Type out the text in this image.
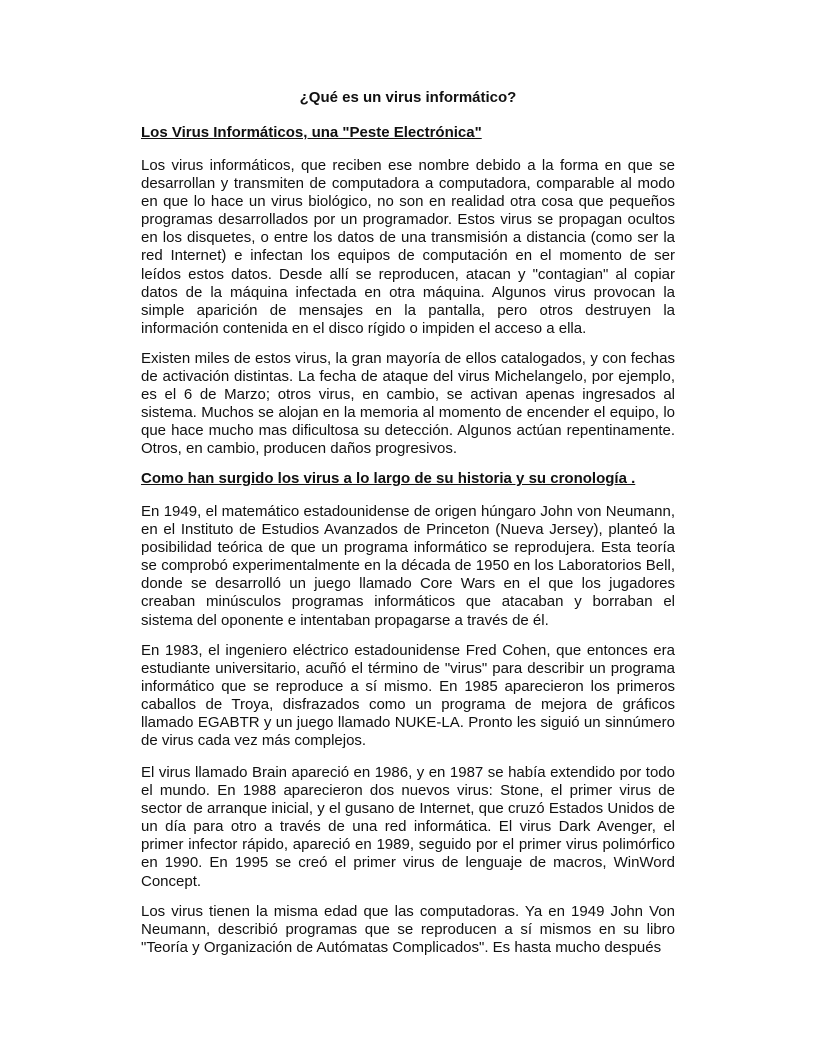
¿Qué es un virus informático?

Los Virus Informáticos, una "Peste Electrónica"

Los virus informáticos, que reciben ese nombre debido a la forma en que se desarrollan y transmiten de computadora a computadora, comparable al modo en que lo hace un virus biológico, no son en realidad otra cosa que pequeños programas desarrollados por un programador. Estos virus se propagan ocultos en los disquetes, o entre los datos de una transmisión a distancia (como ser la red Internet) e infectan los equipos de computación en el momento de ser leídos estos datos. Desde allí se reproducen, atacan y "contagian" al copiar datos de la máquina infectada en otra máquina. Algunos virus provocan la simple aparición de mensajes en la pantalla, pero otros destruyen la información contenida en el disco rígido o impiden el acceso a ella.

Existen miles de estos virus, la gran mayoría de ellos catalogados, y con fechas de activación distintas. La fecha de ataque del virus Michelangelo, por ejemplo, es el 6 de Marzo; otros virus, en cambio, se activan apenas ingresados al sistema. Muchos se alojan en la memoria al momento de encender el equipo, lo que hace mucho mas dificultosa su detección. Algunos actúan repentinamente. Otros, en cambio, producen daños progresivos.

Como han surgido los virus a lo largo de su historia y su cronología .

En 1949, el matemático estadounidense de origen húngaro John von Neumann, en el Instituto de Estudios Avanzados de Princeton (Nueva Jersey), planteó la posibilidad teórica de que un programa informático se reprodujera. Esta teoría se comprobó experimentalmente en la década de 1950 en los Laboratorios Bell, donde se desarrolló un juego llamado Core Wars en el que los jugadores creaban minúsculos programas informáticos que atacaban y borraban el sistema del oponente e intentaban propagarse a través de él.

En 1983, el ingeniero eléctrico estadounidense Fred Cohen, que entonces era estudiante universitario, acuñó el término de "virus" para describir un programa informático que se reproduce a sí mismo. En 1985 aparecieron los primeros caballos de Troya, disfrazados como un programa de mejora de gráficos llamado EGABTR y un juego llamado NUKE-LA. Pronto les siguió un sinnúmero de virus cada vez más complejos.

El virus llamado Brain apareció en 1986, y en 1987 se había extendido por todo el mundo. En 1988 aparecieron dos nuevos virus: Stone, el primer virus de sector de arranque inicial, y el gusano de Internet, que cruzó Estados Unidos de un día para otro a través de una red informática. El virus Dark Avenger, el primer infector rápido, apareció en 1989, seguido por el primer virus polimórfico en 1990. En 1995 se creó el primer virus de lenguaje de macros, WinWord Concept.

Los virus tienen la misma edad que las computadoras. Ya en 1949 John Von Neumann, describió programas que se reproducen a sí mismos en su libro "Teoría y Organización de Autómatas Complicados". Es hasta mucho después
